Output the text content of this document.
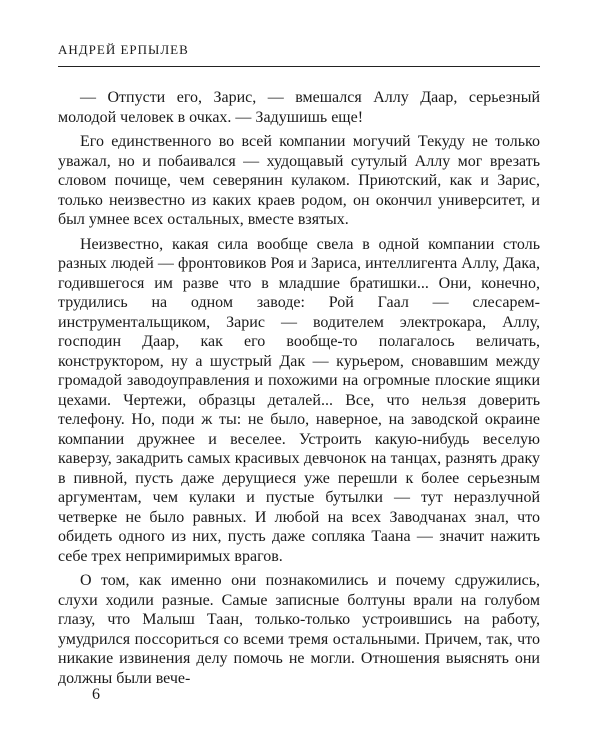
АНДРЕЙ ЕРПЫЛЕВ

— Отпусти его, Зарис, — вмешался Аллу Даар, серьезный молодой человек в очках. — Задушишь еще!

Его единственного во всей компании могучий Текуду не только уважал, но и побаивался — худощавый сутулый Аллу мог врезать словом почище, чем северянин кулаком. Приютский, как и Зарис, только неизвестно из каких краев родом, он окончил университет, и был умнее всех остальных, вместе взятых.

Неизвестно, какая сила вообще свела в одной компании столь разных людей — фронтовиков Роя и Зариса, интеллигента Аллу, Дака, годившегося им разве что в младшие братишки... Они, конечно, трудились на одном заводе: Рой Гаал — слесарем-инструментальщиком, Зарис — водителем электрокара, Аллу, господин Даар, как его вообще-то полагалось величать, конструктором, ну а шустрый Дак — курьером, сновавшим между громадой заводоуправления и похожими на огромные плоские ящики цехами. Чертежи, образцы деталей... Все, что нельзя доверить телефону. Но, поди ж ты: не было, наверное, на заводской окраине компании дружнее и веселее. Устроить какую-нибудь веселую каверзу, закадрить самых красивых девчонок на танцах, разнять драку в пивной, пусть даже дерущиеся уже перешли к более серьезным аргументам, чем кулаки и пустые бутылки — тут неразлучной четверке не было равных. И любой на всех Заводчанах знал, что обидеть одного из них, пусть даже сопляка Таана — значит нажить себе трех непримиримых врагов.

О том, как именно они познакомились и почему сдружились, слухи ходили разные. Самые записные болтуны врали на голубом глазу, что Малыш Таан, только-только устроившись на работу, умудрился поссориться со всеми тремя остальными. Причем, так, что никакие извинения делу помочь не могли. Отношения выяснять они должны были вече-

6
